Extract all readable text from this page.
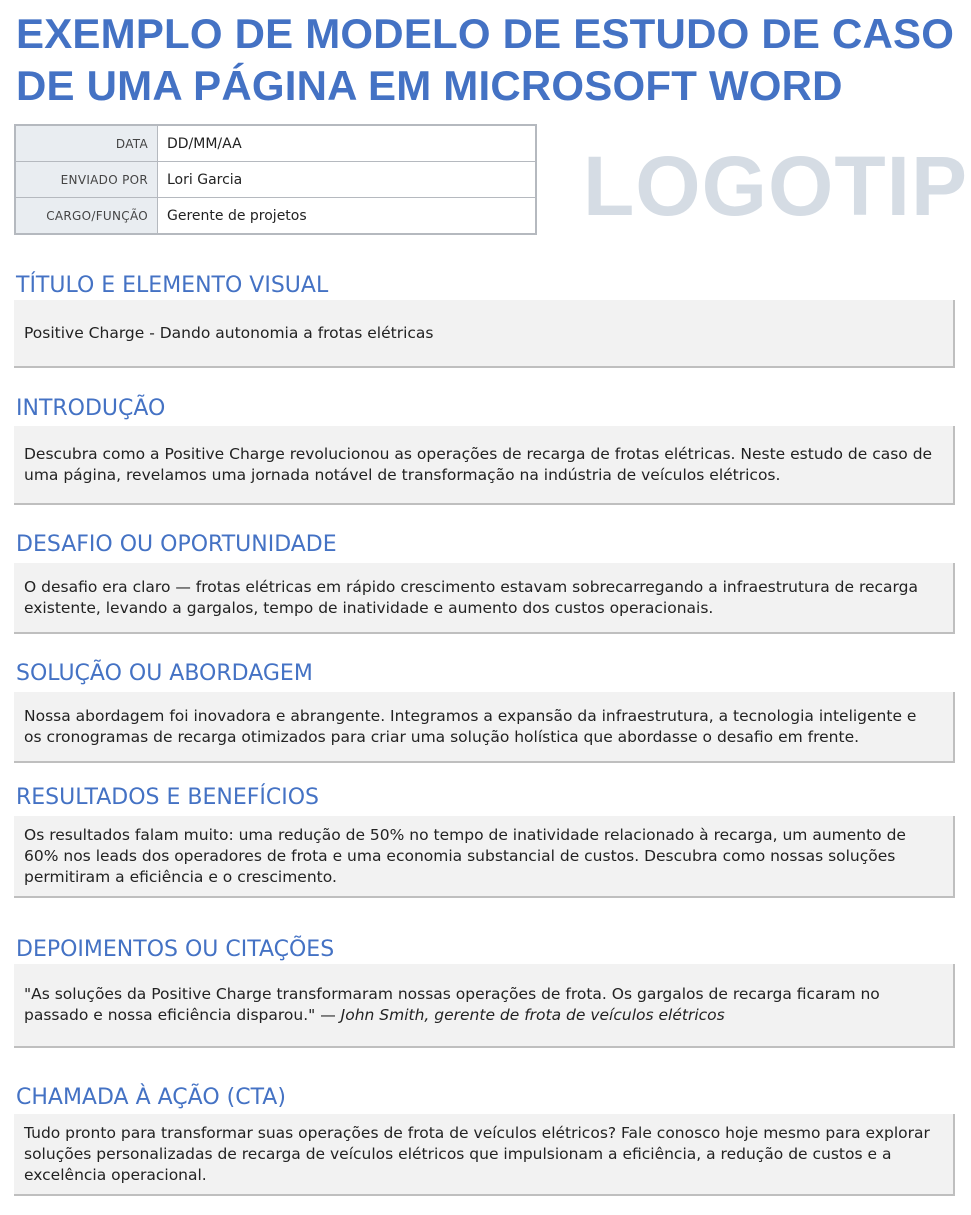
EXEMPLO DE MODELO DE ESTUDO DE CASO DE UMA PÁGINA EM MICROSOFT WORD
DATA	DD/MM/AA
ENVIADO POR	Lori Garcia
CARGO/FUNÇÃO	Gerente de projetos	LOGOTIP
TÍTULO E ELEMENTO VISUAL

Positive Charge - Dando autonomia a frotas elétricas

INTRODUÇÃO

Descubra como a Positive Charge revolucionou as operações de recarga de frotas elétricas. Neste estudo de caso de uma página, revelamos uma jornada notável de transformação na indústria de veículos elétricos.

DESAFIO OU OPORTUNIDADE

O desafio era claro — frotas elétricas em rápido crescimento estavam sobrecarregando a infraestrutura de recarga existente, levando a gargalos, tempo de inatividade e aumento dos custos operacionais.

SOLUÇÃO OU ABORDAGEM

Nossa abordagem foi inovadora e abrangente. Integramos a expansão da infraestrutura, a tecnologia inteligente e os cronogramas de recarga otimizados para criar uma solução holística que abordasse o desafio em frente.

RESULTADOS E BENEFÍCIOS

Os resultados falam muito: uma redução de 50% no tempo de inatividade relacionado à recarga, um aumento de 60% nos leads dos operadores de frota e uma economia substancial de custos. Descubra como nossas soluções permitiram a eficiência e o crescimento.

DEPOIMENTOS OU CITAÇÕES

"As soluções da Positive Charge transformaram nossas operações de frota. Os gargalos de recarga ficaram no passado e nossa eficiência disparou." — John Smith, gerente de frota de veículos elétricos

CHAMADA À AÇÃO (CTA)

Tudo pronto para transformar suas operações de frota de veículos elétricos? Fale conosco hoje mesmo para explorar soluções personalizadas de recarga de veículos elétricos que impulsionam a eficiência, a redução de custos e a excelência operacional.
